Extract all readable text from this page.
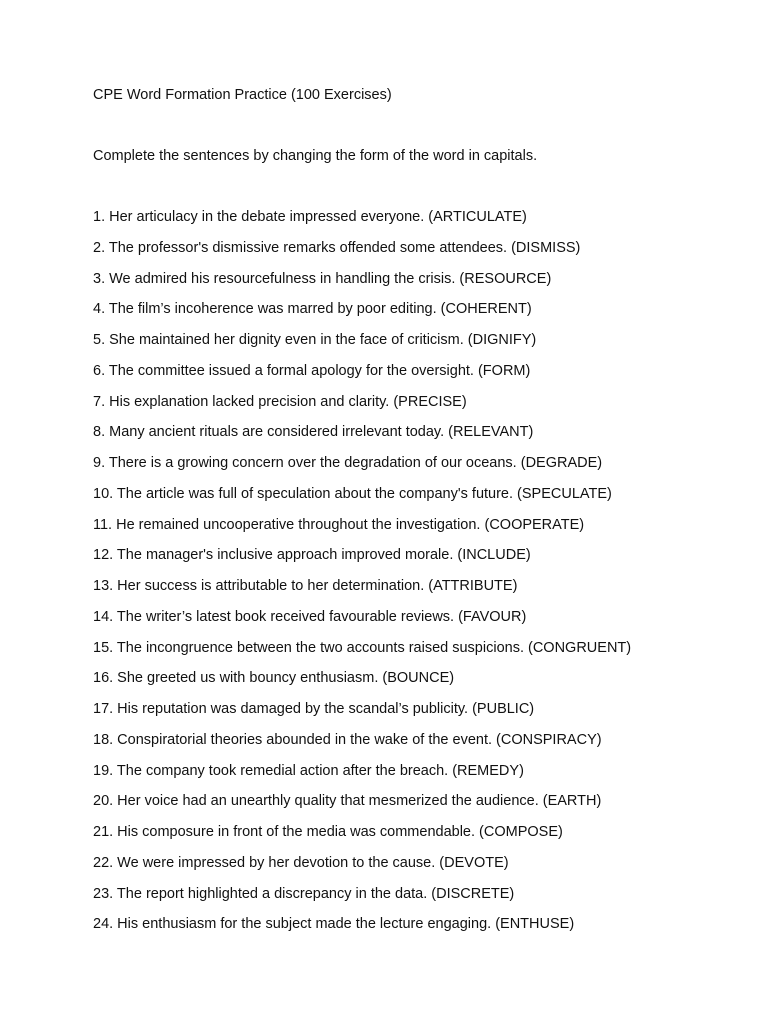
CPE Word Formation Practice (100 Exercises)
Complete the sentences by changing the form of the word in capitals.
1. Her articulacy in the debate impressed everyone. (ARTICULATE)
2. The professor's dismissive remarks offended some attendees. (DISMISS)
3. We admired his resourcefulness in handling the crisis. (RESOURCE)
4. The film’s incoherence was marred by poor editing. (COHERENT)
5. She maintained her dignity even in the face of criticism. (DIGNIFY)
6. The committee issued a formal apology for the oversight. (FORM)
7. His explanation lacked precision and clarity. (PRECISE)
8. Many ancient rituals are considered irrelevant today. (RELEVANT)
9. There is a growing concern over the degradation of our oceans. (DEGRADE)
10. The article was full of speculation about the company's future. (SPECULATE)
11. He remained uncooperative throughout the investigation. (COOPERATE)
12. The manager's inclusive approach improved morale. (INCLUDE)
13. Her success is attributable to her determination. (ATTRIBUTE)
14. The writer’s latest book received favourable reviews. (FAVOUR)
15. The incongruence between the two accounts raised suspicions. (CONGRUENT)
16. She greeted us with bouncy enthusiasm. (BOUNCE)
17. His reputation was damaged by the scandal’s publicity. (PUBLIC)
18. Conspiratorial theories abounded in the wake of the event. (CONSPIRACY)
19. The company took remedial action after the breach. (REMEDY)
20. Her voice had an unearthly quality that mesmerized the audience. (EARTH)
21. His composure in front of the media was commendable. (COMPOSE)
22. We were impressed by her devotion to the cause. (DEVOTE)
23. The report highlighted a discrepancy in the data. (DISCRETE)
24. His enthusiasm for the subject made the lecture engaging. (ENTHUSE)
